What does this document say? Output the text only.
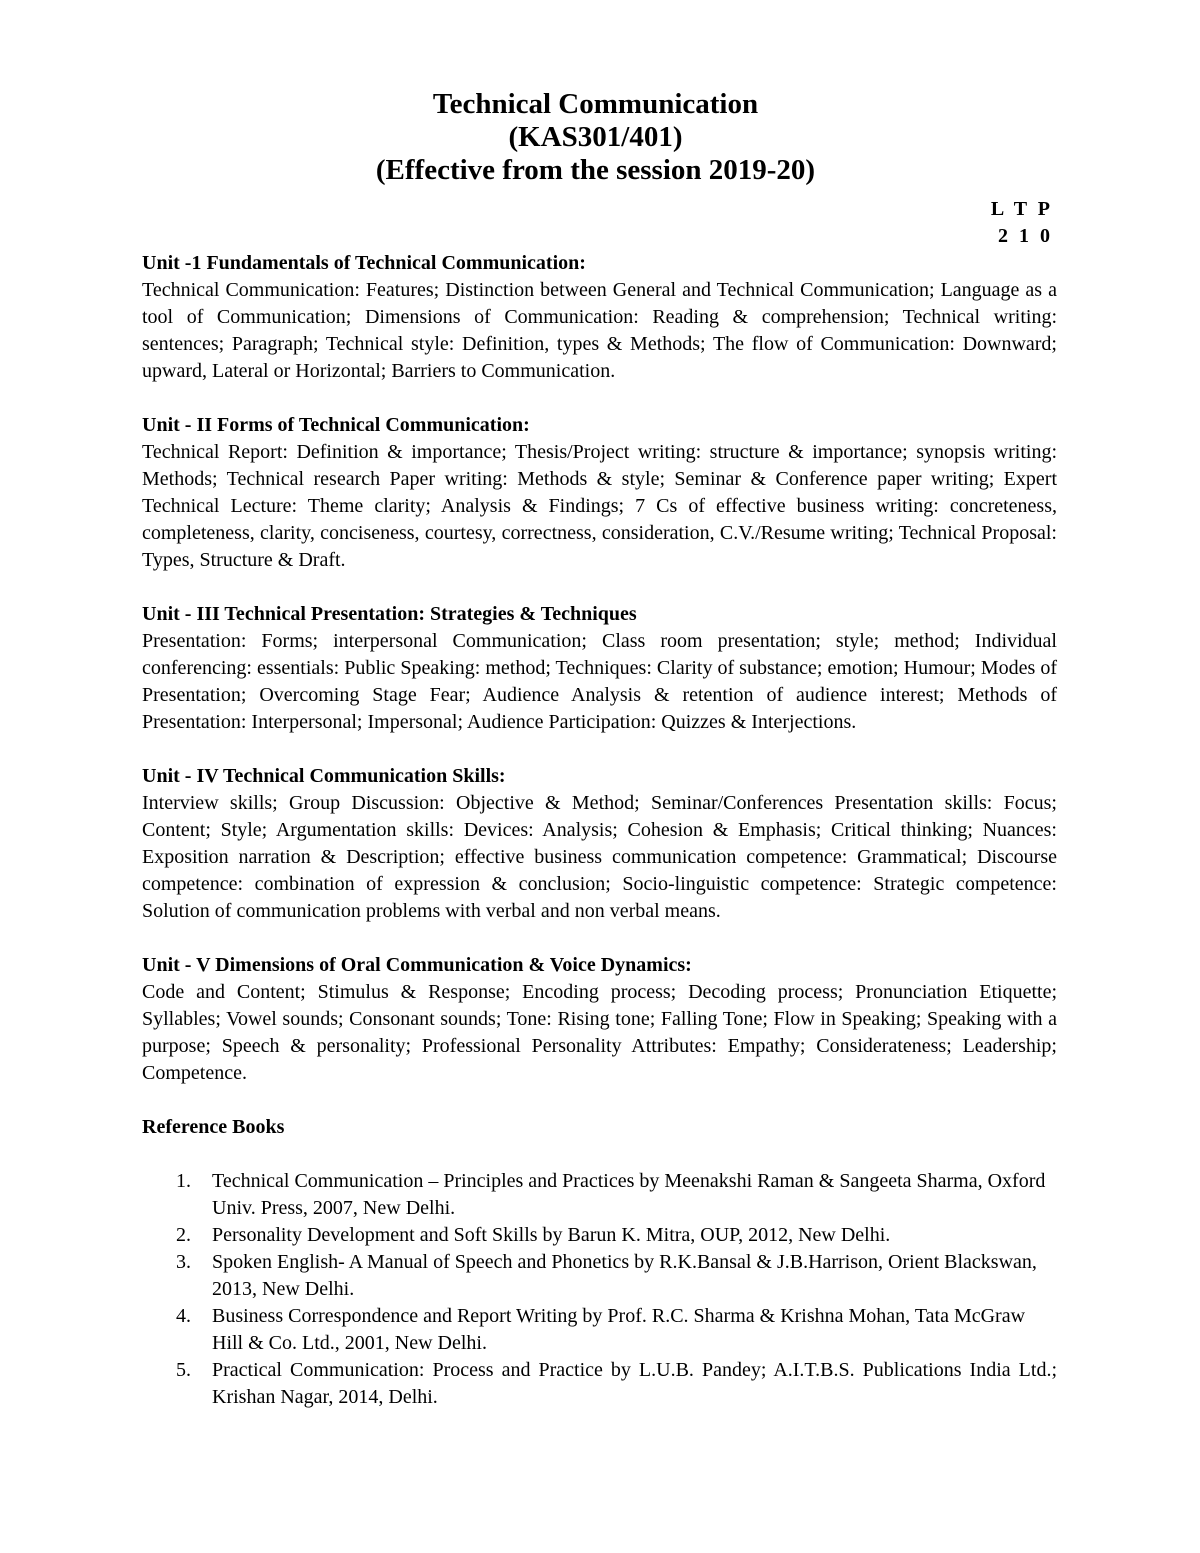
Technical Communication
(KAS301/401)
(Effective from the session 2019-20)
L T P
2 1 0
Unit -1 Fundamentals of Technical Communication:
Technical Communication: Features; Distinction between General and Technical Communication; Language as a tool of Communication; Dimensions of Communication: Reading & comprehension; Technical writing: sentences; Paragraph; Technical style: Definition, types & Methods; The flow of Communication: Downward; upward, Lateral or Horizontal; Barriers to Communication.
Unit - II Forms of Technical Communication:
Technical Report: Definition & importance; Thesis/Project writing: structure & importance; synopsis writing: Methods; Technical research Paper writing: Methods & style; Seminar & Conference paper writing; Expert Technical Lecture: Theme clarity; Analysis & Findings; 7 Cs of effective business writing: concreteness, completeness, clarity, conciseness, courtesy, correctness, consideration, C.V./Resume writing; Technical Proposal: Types, Structure & Draft.
Unit - III Technical Presentation: Strategies & Techniques
Presentation: Forms; interpersonal Communication; Class room presentation; style; method; Individual conferencing: essentials: Public Speaking: method; Techniques: Clarity of substance; emotion; Humour; Modes of Presentation; Overcoming Stage Fear; Audience Analysis & retention of audience interest; Methods of Presentation: Interpersonal; Impersonal; Audience Participation: Quizzes & Interjections.
Unit - IV Technical Communication Skills:
Interview skills; Group Discussion: Objective & Method; Seminar/Conferences Presentation skills: Focus; Content; Style; Argumentation skills: Devices: Analysis; Cohesion & Emphasis; Critical thinking; Nuances: Exposition narration & Description; effective business communication competence: Grammatical; Discourse competence: combination of expression & conclusion; Socio-linguistic competence: Strategic competence: Solution of communication problems with verbal and non verbal means.
Unit - V Dimensions of Oral Communication & Voice Dynamics:
Code and Content; Stimulus & Response; Encoding process; Decoding process; Pronunciation Etiquette; Syllables; Vowel sounds; Consonant sounds; Tone: Rising tone; Falling Tone; Flow in Speaking; Speaking with a purpose; Speech & personality; Professional Personality Attributes: Empathy; Considerateness; Leadership; Competence.
Reference Books
1. Technical Communication – Principles and Practices by Meenakshi Raman & Sangeeta Sharma, Oxford Univ. Press, 2007, New Delhi.
2. Personality Development and Soft Skills by Barun K. Mitra, OUP, 2012, New Delhi.
3. Spoken English- A Manual of Speech and Phonetics by R.K.Bansal & J.B.Harrison, Orient Blackswan, 2013, New Delhi.
4. Business Correspondence and Report Writing by Prof. R.C. Sharma & Krishna Mohan, Tata McGraw Hill & Co. Ltd., 2001, New Delhi.
5. Practical Communication: Process and Practice by L.U.B. Pandey; A.I.T.B.S. Publications India Ltd.; Krishan Nagar, 2014, Delhi.
